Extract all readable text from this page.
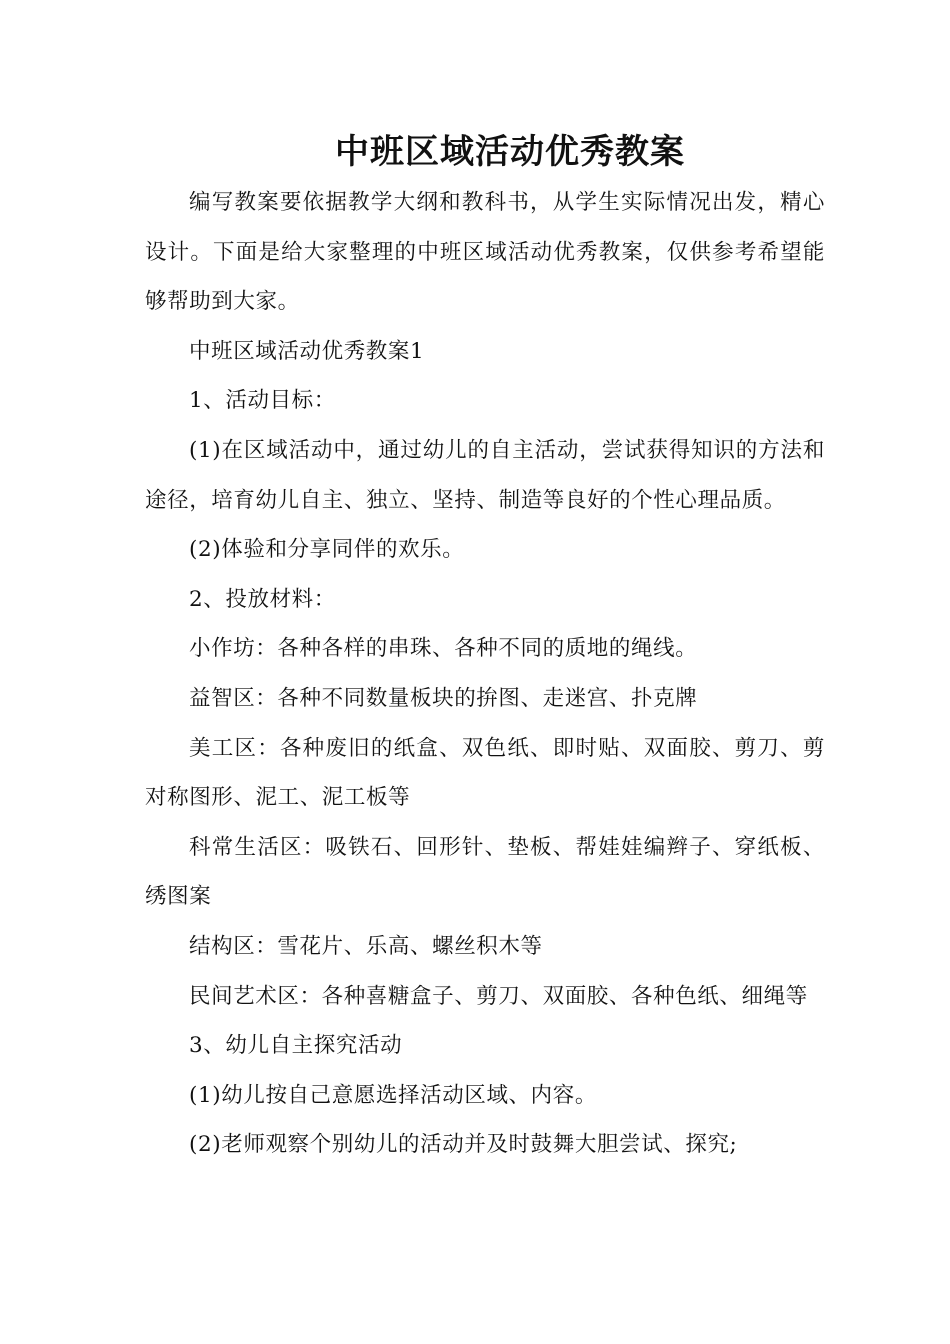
中班区域活动优秀教案

编写教案要依据教学大纲和教科书，从学生实际情况出发，精心设计。下面是给大家整理的中班区域活动优秀教案，仅供参考希望能够帮助到大家。

中班区域活动优秀教案1

1、活动目标：

(1)在区域活动中，通过幼儿的自主活动，尝试获得知识的方法和途径，培育幼儿自主、独立、坚持、制造等良好的个性心理品质。

(2)体验和分享同伴的欢乐。

2、投放材料：

小作坊：各种各样的串珠、各种不同的质地的绳线。

益智区：各种不同数量板块的拚图、走迷宫、扑克牌

美工区：各种废旧的纸盒、双色纸、即时贴、双面胶、剪刀、剪对称图形、泥工、泥工板等

科常生活区：吸铁石、回形针、垫板、帮娃娃编辫子、穿纸板、绣图案

结构区：雪花片、乐高、螺丝积木等

民间艺术区：各种喜糖盒子、剪刀、双面胶、各种色纸、细绳等

3、幼儿自主探究活动

(1)幼儿按自己意愿选择活动区域、内容。

(2)老师观察个别幼儿的活动并及时鼓舞大胆尝试、探究;
